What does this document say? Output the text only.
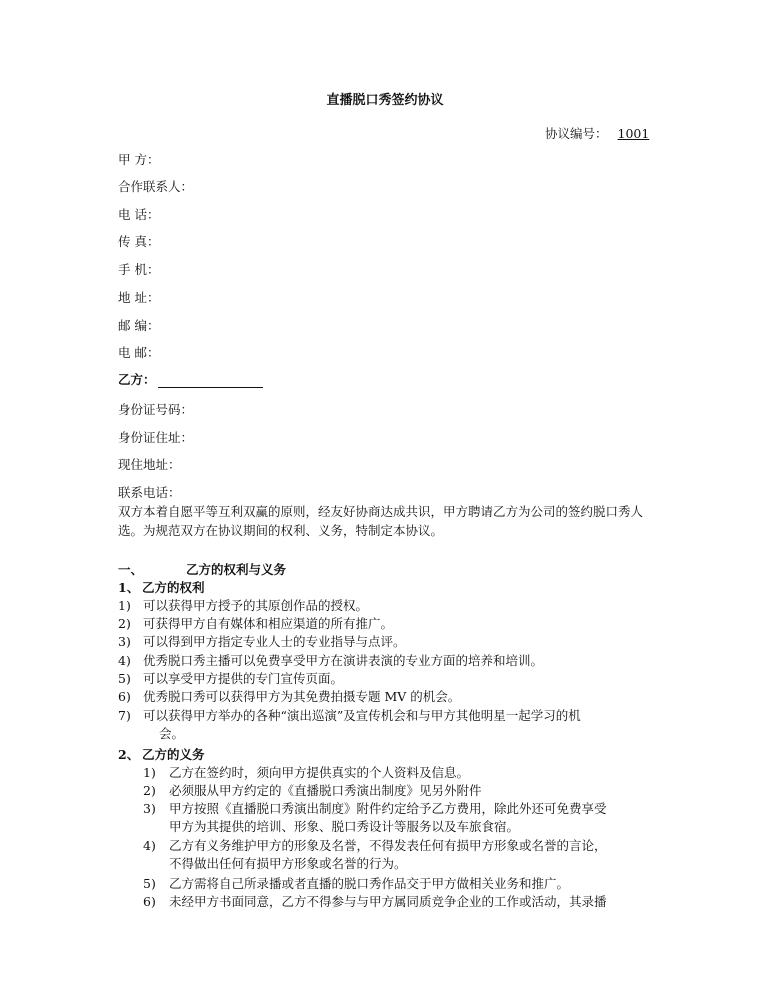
直播脱口秀签约协议
协议编号： 1001
甲 方：
合作联系人：
电 话：
传 真：
手 机：
地 址：
邮 编：
电 邮：
乙方：
身份证号码：
身份证住址：
现住地址：
联系电话：
双方本着自愿平等互利双赢的原则，经友好协商达成共识，甲方聘请乙方为公司的签约脱口秀人选。为规范双方在协议期间的权利、义务，特制定本协议。
一、	乙方的权利与义务
1、 乙方的权利
1) 可以获得甲方授予的其原创作品的授权。
2) 可获得甲方自有媒体和相应渠道的所有推广。
3) 可以得到甲方指定专业人士的专业指导与点评。
4) 优秀脱口秀主播可以免费享受甲方在演讲表演的专业方面的培养和培训。
5) 可以享受甲方提供的专门宣传页面。
6) 优秀脱口秀可以获得甲方为其免费拍摄专题 MV 的机会。
7) 可以获得甲方举办的各种“演出巡演”及宣传机会和与甲方其他明星一起学习的机
会。
2、 乙方的义务
1) 乙方在签约时，须向甲方提供真实的个人资料及信息。
2) 必须服从甲方约定的《直播脱口秀演出制度》见另外附件
3) 甲方按照《直播脱口秀演出制度》附件约定给予乙方费用，除此外还可免费享受
甲方为其提供的培训、形象、脱口秀设计等服务以及车旅食宿。
4) 乙方有义务维护甲方的形象及名誉，不得发表任何有损甲方形象或名誉的言论，
不得做出任何有损甲方形象或名誉的行为。
5) 乙方需将自己所录播或者直播的脱口秀作品交于甲方做相关业务和推广。
6) 未经甲方书面同意，乙方不得参与与甲方属同质竞争企业的工作或活动，其录播
